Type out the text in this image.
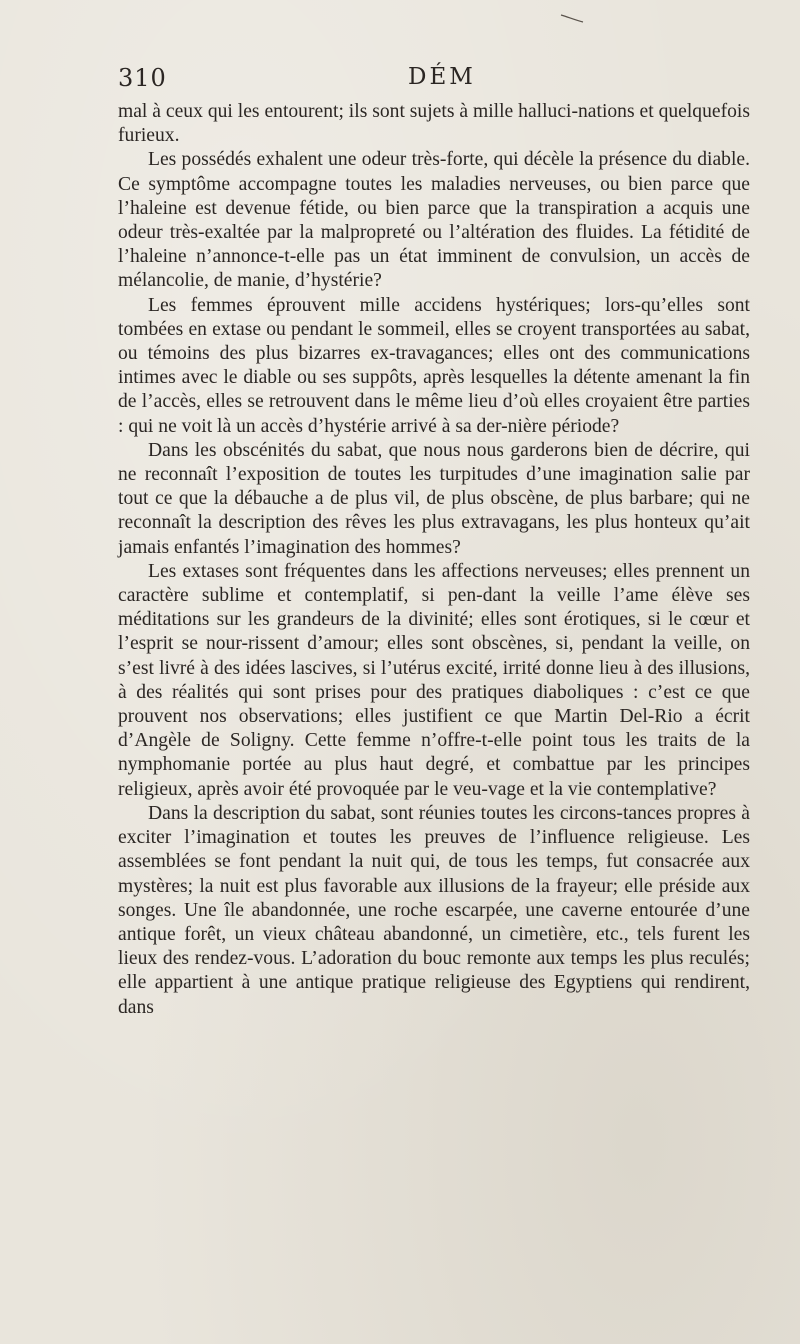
310	DÉM

mal à ceux qui les entourent; ils sont sujets à mille halluci-nations et quelquefois furieux.

Les possédés exhalent une odeur très-forte, qui décèle la présence du diable. Ce symptôme accompagne toutes les maladies nerveuses, ou bien parce que l’haleine est devenue fétide, ou bien parce que la transpiration a acquis une odeur très-exaltée par la malpropreté ou l’altération des fluides. La fétidité de l’haleine n’annonce-t-elle pas un état imminent de convulsion, un accès de mélancolie, de manie, d’hystérie?

Les femmes éprouvent mille accidens hystériques; lors-qu’elles sont tombées en extase ou pendant le sommeil, elles se croyent transportées au sabat, ou témoins des plus bizarres ex-travagances; elles ont des communications intimes avec le diable ou ses suppôts, après lesquelles la détente amenant la fin de l’accès, elles se retrouvent dans le même lieu d’où elles croyaient être parties : qui ne voit là un accès d’hystérie arrivé à sa der-nière période?

Dans les obscénités du sabat, que nous nous garderons bien de décrire, qui ne reconnaît l’exposition de toutes les turpitudes d’une imagination salie par tout ce que la débauche a de plus vil, de plus obscène, de plus barbare; qui ne reconnaît la description des rêves les plus extravagans, les plus honteux qu’ait jamais enfantés l’imagination des hommes?

Les extases sont fréquentes dans les affections nerveuses; elles prennent un caractère sublime et contemplatif, si pen-dant la veille l’ame élève ses méditations sur les grandeurs de la divinité; elles sont érotiques, si le cœur et l’esprit se nour-rissent d’amour; elles sont obscènes, si, pendant la veille, on s’est livré à des idées lascives, si l’utérus excité, irrité donne lieu à des illusions, à des réalités qui sont prises pour des pratiques diaboliques : c’est ce que prouvent nos observations; elles justifient ce que Martin Del-Rio a écrit d’Angèle de Soligny. Cette femme n’offre-t-elle point tous les traits de la nymphomanie portée au plus haut degré, et combattue par les principes religieux, après avoir été provoquée par le veu-vage et la vie contemplative?

Dans la description du sabat, sont réunies toutes les circons-tances propres à exciter l’imagination et toutes les preuves de l’influence religieuse. Les assemblées se font pendant la nuit qui, de tous les temps, fut consacrée aux mystères; la nuit est plus favorable aux illusions de la frayeur; elle préside aux songes. Une île abandonnée, une roche escarpée, une caverne entourée d’une antique forêt, un vieux château abandonné, un cimetière, etc., tels furent les lieux des rendez-vous. L’adoration du bouc remonte aux temps les plus reculés; elle appartient à une antique pratique religieuse des Egyptiens qui rendirent, dans
